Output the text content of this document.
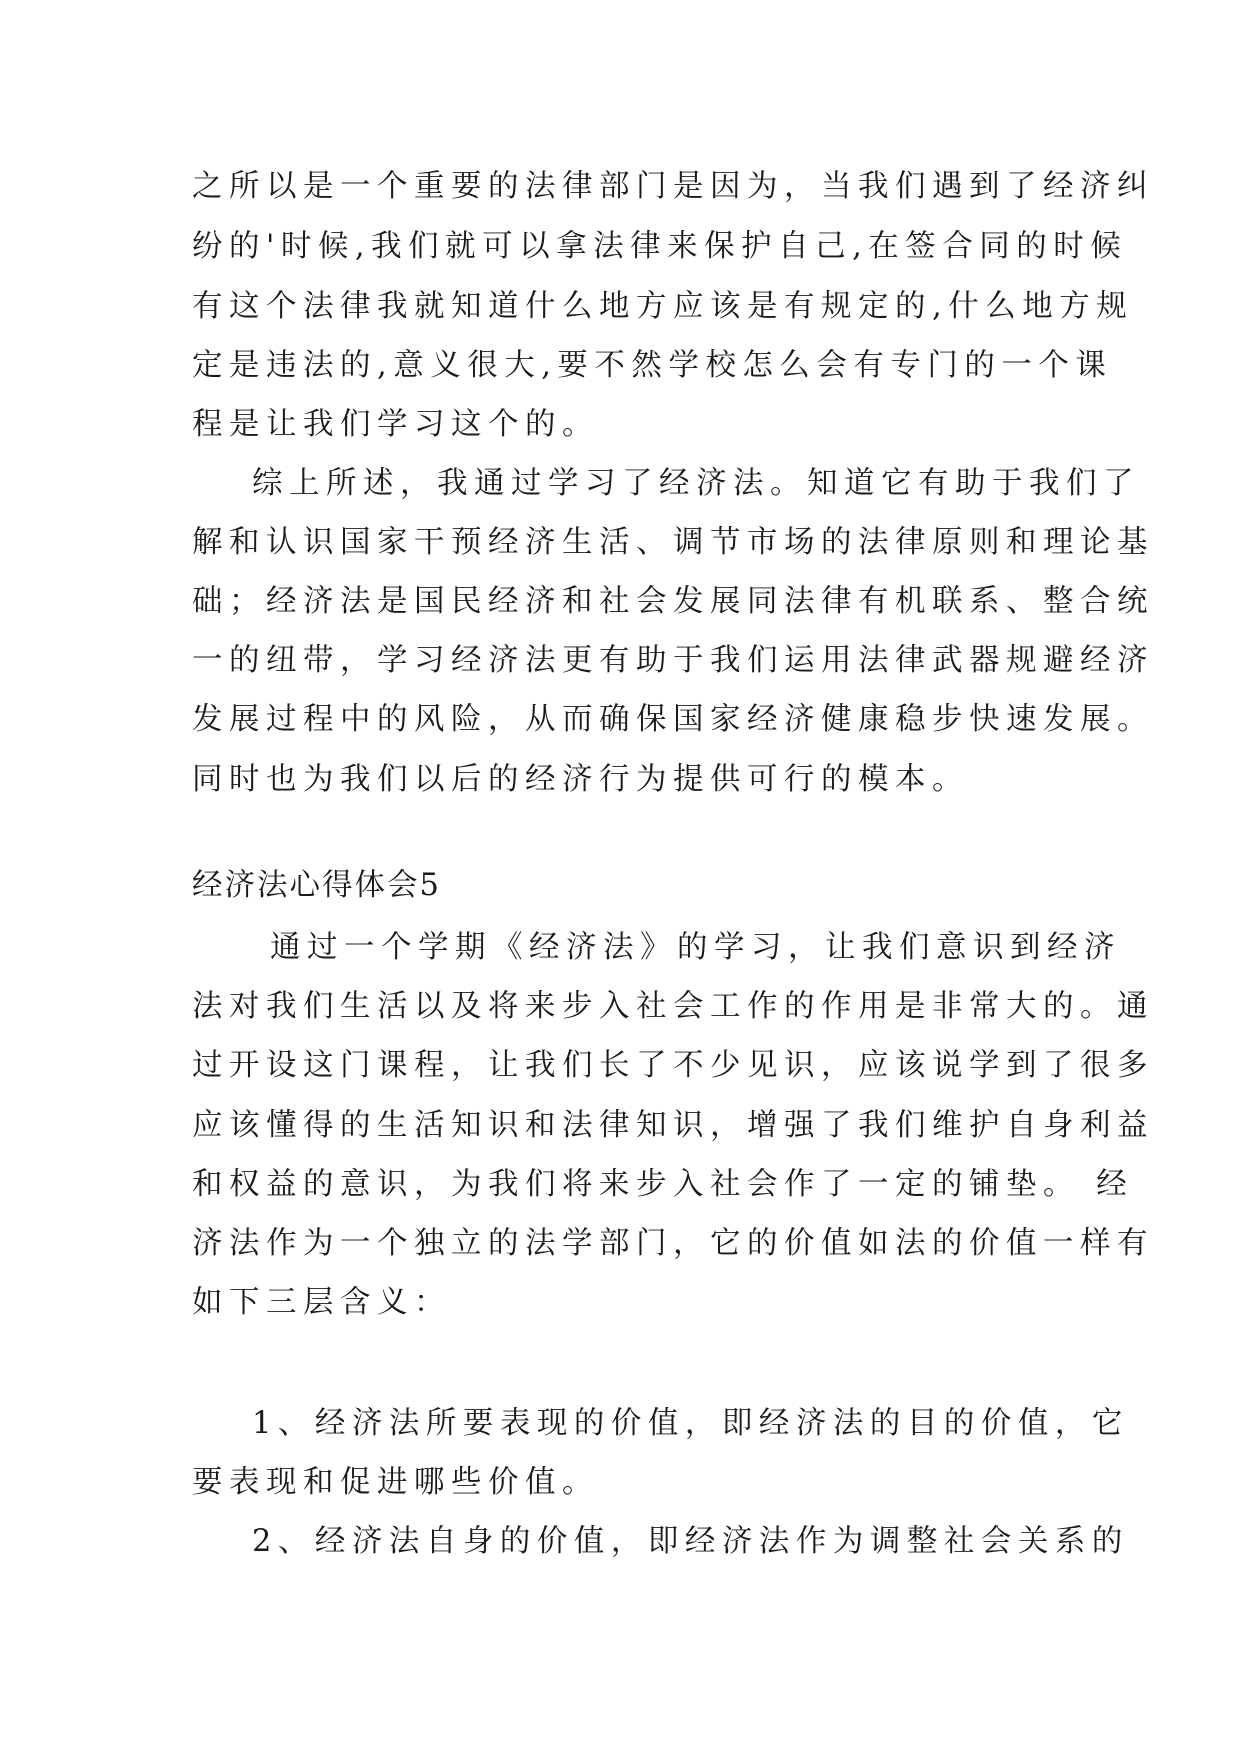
之所以是一个重要的法律部门是因为，当我们遇到了经济纠
纷的'时候,我们就可以拿法律来保护自己,在签合同的时候
有这个法律我就知道什么地方应该是有规定的,什么地方规
定是违法的,意义很大,要不然学校怎么会有专门的一个课
程是让我们学习这个的。
综上所述，我通过学习了经济法。知道它有助于我们了
解和认识国家干预经济生活、调节市场的法律原则和理论基
础；经济法是国民经济和社会发展同法律有机联系、整合统
一的纽带，学习经济法更有助于我们运用法律武器规避经济
发展过程中的风险，从而确保国家经济健康稳步快速发展。
同时也为我们以后的经济行为提供可行的模本。
经济法心得体会5
通过一个学期《经济法》的学习，让我们意识到经济
法对我们生活以及将来步入社会工作的作用是非常大的。通
过开设这门课程，让我们长了不少见识，应该说学到了很多
应该懂得的生活知识和法律知识，增强了我们维护自身利益
和权益的意识，为我们将来步入社会作了一定的铺垫。 经
济法作为一个独立的法学部门，它的价值如法的价值一样有
如下三层含义：
1、经济法所要表现的价值，即经济法的目的价值，它
要表现和促进哪些价值。
2、经济法自身的价值，即经济法作为调整社会关系的
